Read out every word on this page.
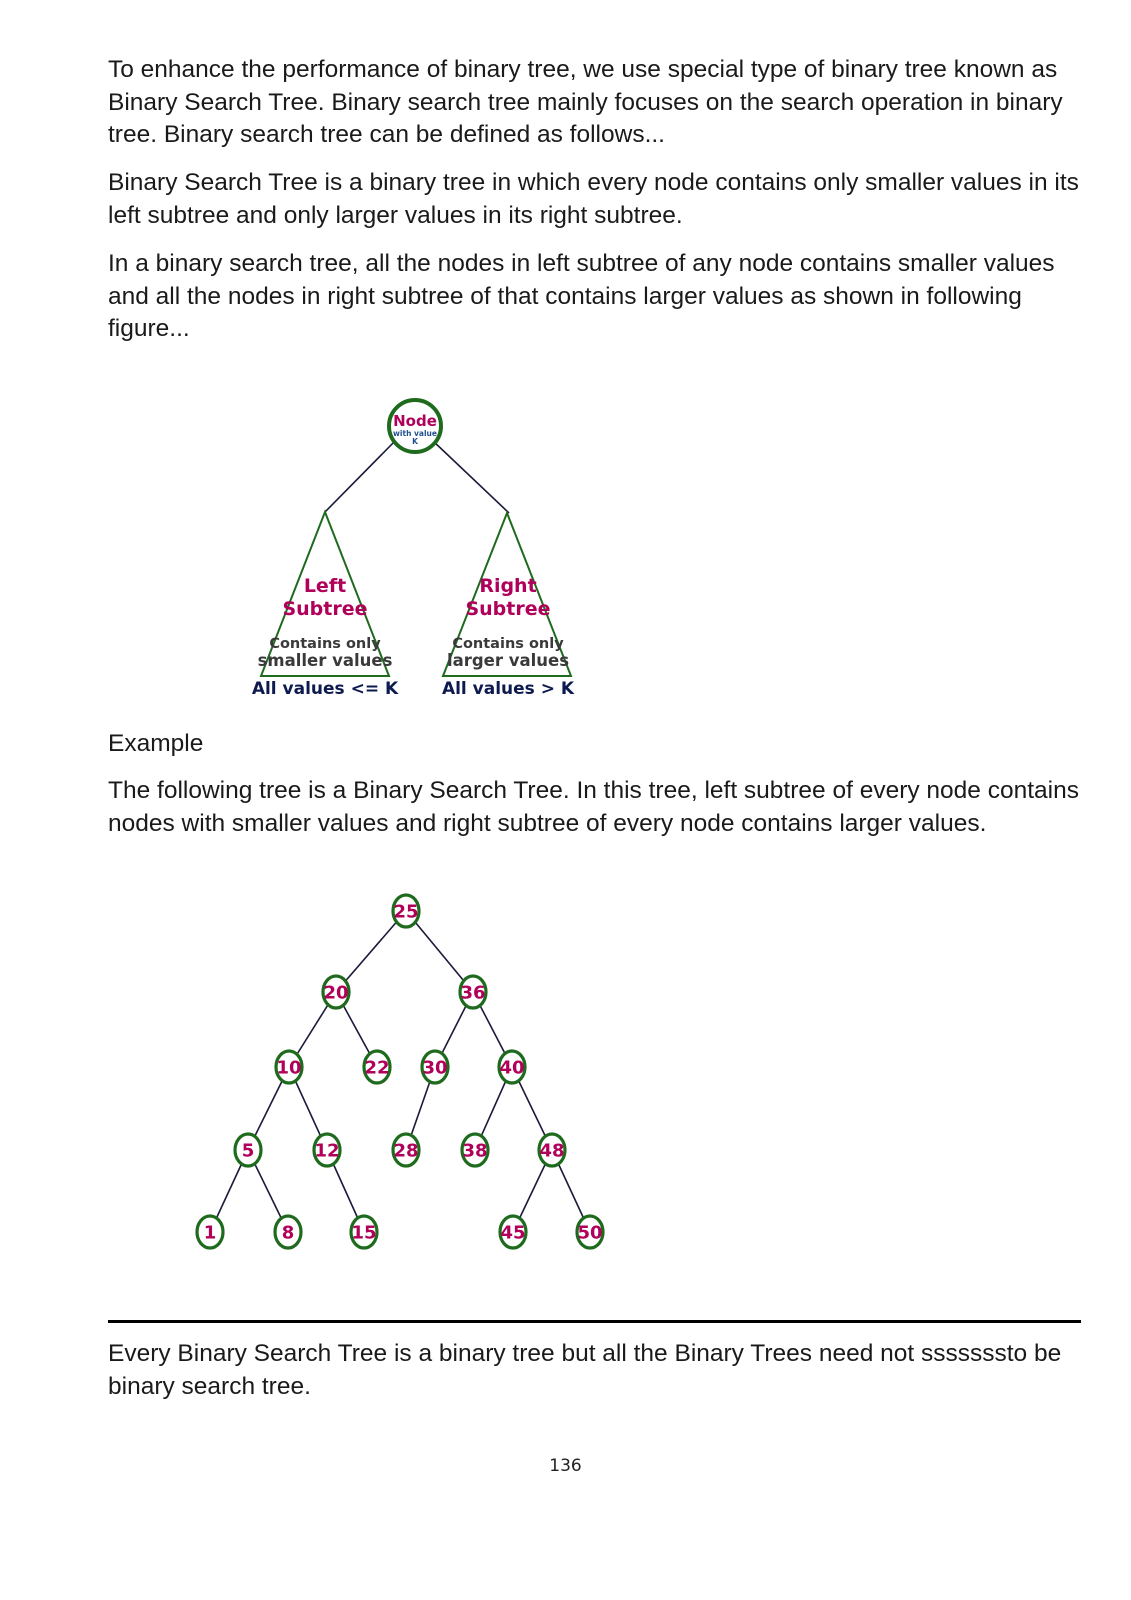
To enhance the performance of binary tree, we use special type of binary tree known as Binary Search Tree. Binary search tree mainly focuses on the search operation in binary tree. Binary search tree can be defined as follows...

Binary Search Tree is a binary tree in which every node contains only smaller values in its left subtree and only larger values in its right subtree.

In a binary search tree, all the nodes in left subtree of any node contains smaller values and all the nodes in right subtree of that contains larger values as shown in following figure...

Node
with value
K
Left
Subtree
Contains only
smaller values
All values <= K
Right
Subtree
Contains only
larger values
All values > K

Example

The following tree is a Binary Search Tree. In this tree, left subtree of every node contains nodes with smaller values and right subtree of every node contains larger values.

25
20	36
10	22 30	40
5	12	28 38	48
1	8	15	45	50

Every Binary Search Tree is a binary tree but all the Binary Trees need not sssssssto be binary search tree.

136
